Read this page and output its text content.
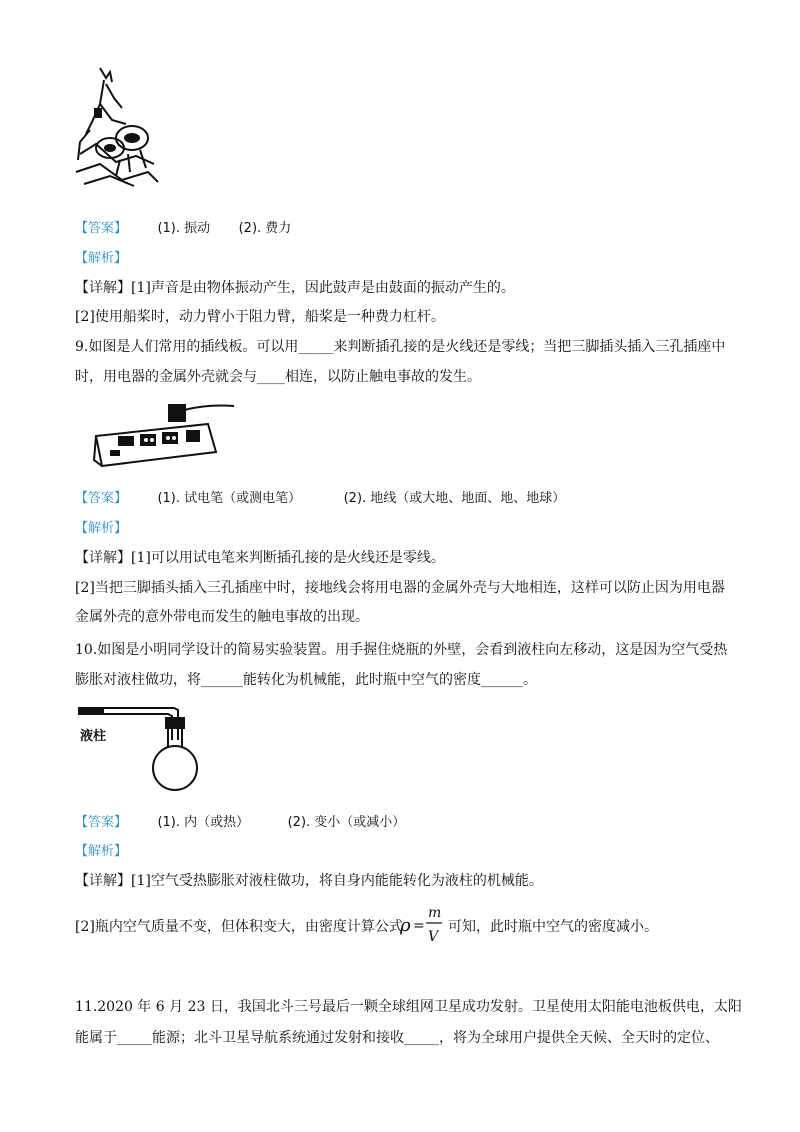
【答案】 (1). 振动 (2). 费力
【解析】
【详解】[1]声音是由物体振动产生，因此鼓声是由鼓面的振动产生的。
[2]使用船桨时，动力臂小于阻力臂，船桨是一种费力杠杆。
9.如图是人们常用的插线板。可以用_____来判断插孔接的是火线还是零线；当把三脚插头插入三孔插座中
时，用电器的金属外壳就会与____相连，以防止触电事故的发生。
【答案】 (1). 试电笔（或测电笔）	(2). 地线（或大地、地面、地、地球）
【解析】
【详解】[1]可以用试电笔来判断插孔接的是火线还是零线。
[2]当把三脚插头插入三孔插座中时，接地线会将用电器的金属外壳与大地相连，这样可以防止因为用电器
金属外壳的意外带电而发生的触电事故的出现。
10.如图是小明同学设计的简易实验装置。用手握住烧瓶的外壁，会看到液柱向左移动，这是因为空气受热
膨胀对液柱做功，将______能转化为机械能，此时瓶中空气的密度______。
液柱
【答案】 (1). 内（或热）	(2). 变小（或减小）
【解析】
【详解】[1]空气受热膨胀对液柱做功，将自身内能能转化为液柱的机械能。
[2]瓶内空气质量不变，但体积变大，由密度计算公式
ρ =
m
V
可知，此时瓶中空气的密度减小。
11.2020 年 6 月 23 日，我国北斗三号最后一颗全球组网卫星成功发射。卫星使用太阳能电池板供电，太阳
能属于_____能源；北斗卫星导航系统通过发射和接收_____，将为全球用户提供全天候、全天时的定位、
